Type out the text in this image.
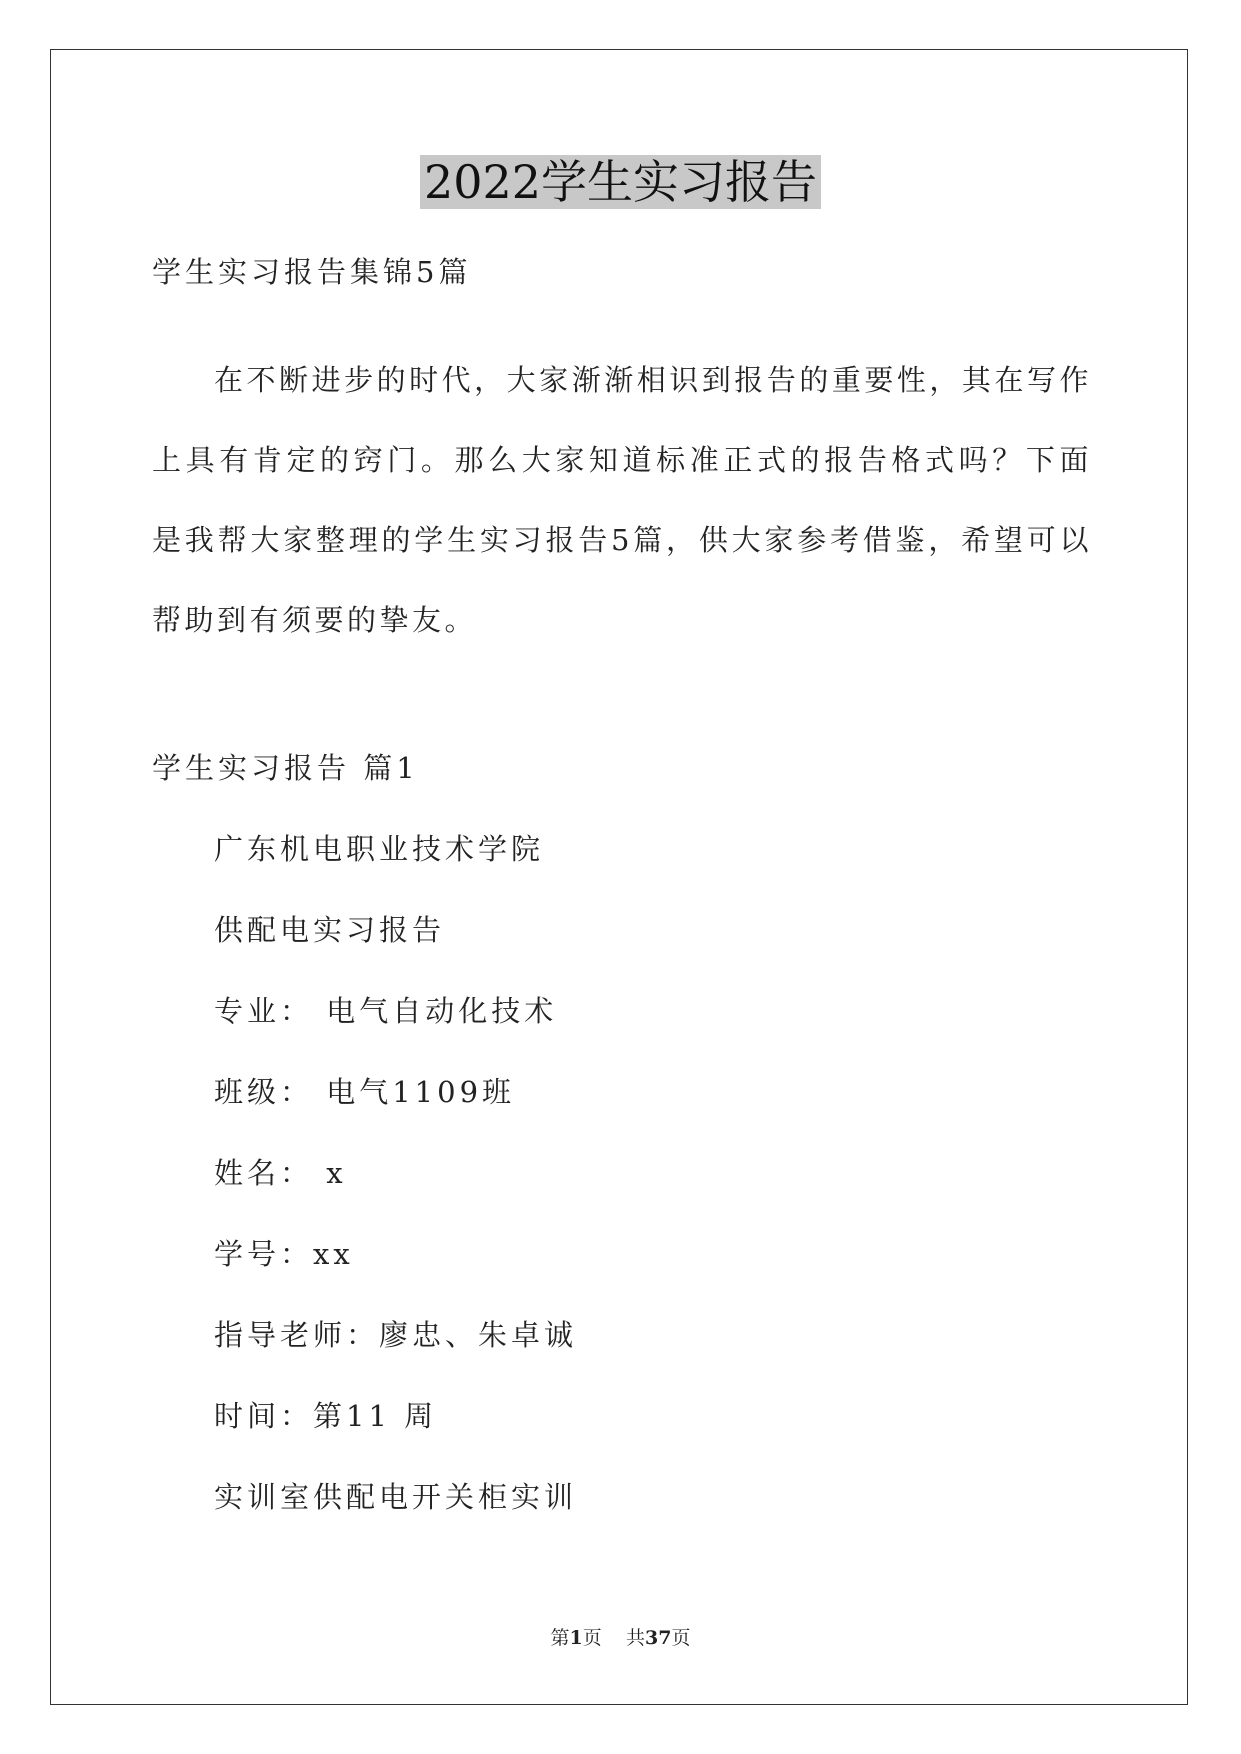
2022学生实习报告
学生实习报告集锦5篇
在不断进步的时代，大家渐渐相识到报告的重要性，其在写作上具有肯定的窍门。那么大家知道标准正式的报告格式吗？下面是我帮大家整理的学生实习报告5篇，供大家参考借鉴，希望可以帮助到有须要的挚友。
学生实习报告 篇1
广东机电职业技术学院
供配电实习报告
专业： 电气自动化技术
班级： 电气1109班
姓名： x
学号：xx
指导老师：廖忠、朱卓诚
时间：第11 周
实训室供配电开关柜实训
第1页 共37页
